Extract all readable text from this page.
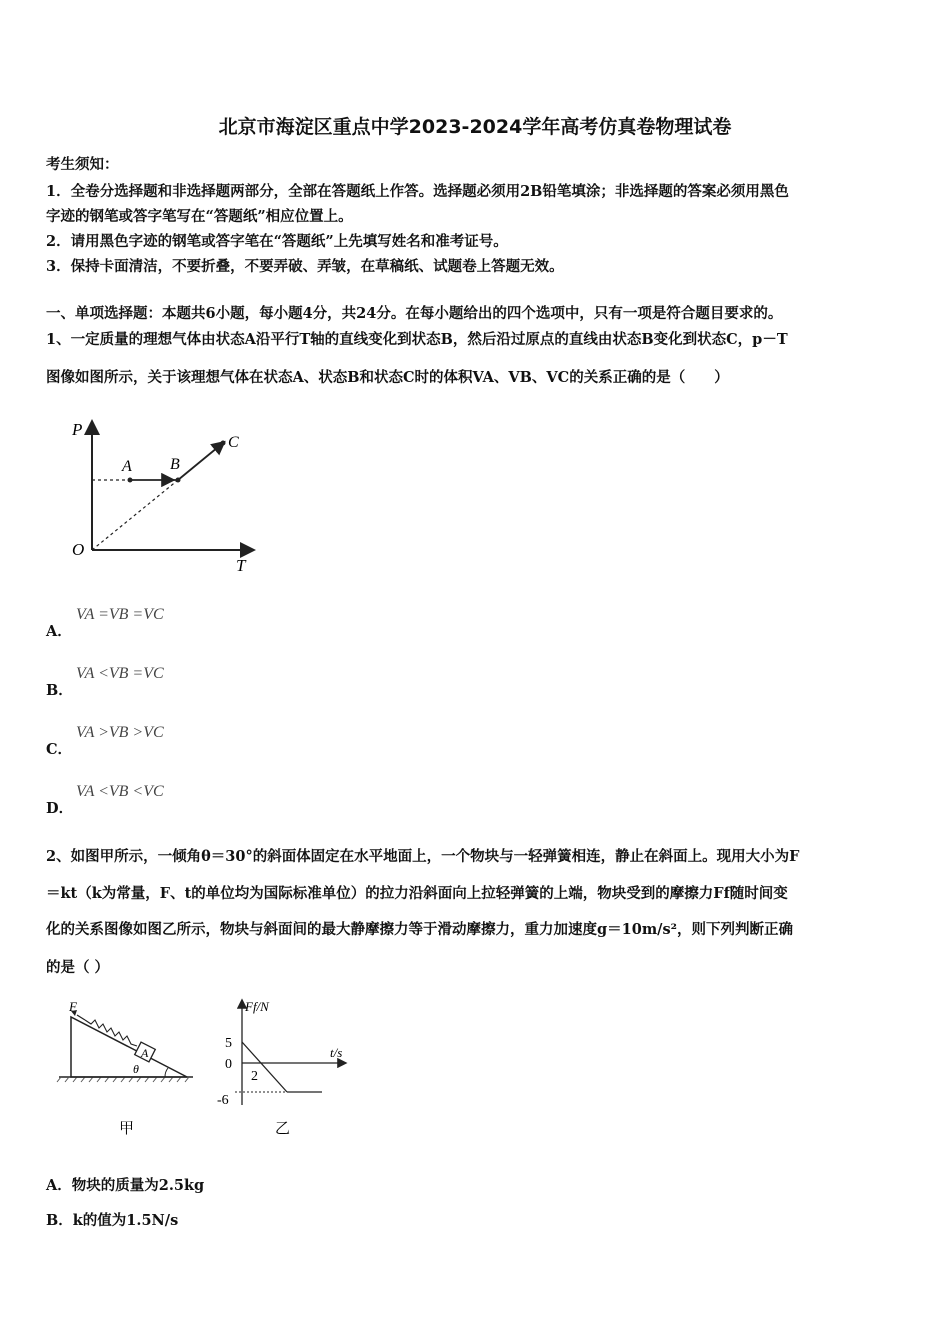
北京市海淀区重点中学2023-2024学年高考仿真卷物理试卷
考生须知：
1．全卷分选择题和非选择题两部分，全部在答题纸上作答。选择题必须用2B铅笔填涂；非选择题的答案必须用黑色
字迹的钢笔或答字笔写在“答题纸”相应位置上。
2．请用黑色字迹的钢笔或答字笔在“答题纸”上先填写姓名和准考证号。
3．保持卡面清洁，不要折叠，不要弄破、弄皱，在草稿纸、试题卷上答题无效。
一、单项选择题：本题共6小题，每小题4分，共24分。在每小题给出的四个选项中，只有一项是符合题目要求的。
1、一定质量的理想气体由状态A沿平行T轴的直线变化到状态B，然后沿过原点的直线由状态B变化到状态C，p－T
图像如图所示，关于该理想气体在状态A、状态B和状态C时的体积VA、VB、VC的关系正确的是（　　）
P
T
O
A B
C
A．
VA =VB =VC
B．
VA <VB =VC
C．
VA >VB >VC
D．
VA <VB <VC
2、如图甲所示，一倾角θ＝30°的斜面体固定在水平地面上，一个物块与一轻弹簧相连，静止在斜面上。现用大小为F
＝kt（k为常量，F、t的单位均为国际标准单位）的拉力沿斜面向上拉轻弹簧的上端，物块受到的摩擦力Ff随时间变
化的关系图像如图乙所示，物块与斜面间的最大静摩擦力等于滑动摩擦力，重力加速度g＝10m/s²，则下列判断正确
的是（ ）
F
A
θ
甲
Ff/N
t/s
5
0
-6
2
乙
A．物块的质量为2.5kg
B．k的值为1.5N/s
